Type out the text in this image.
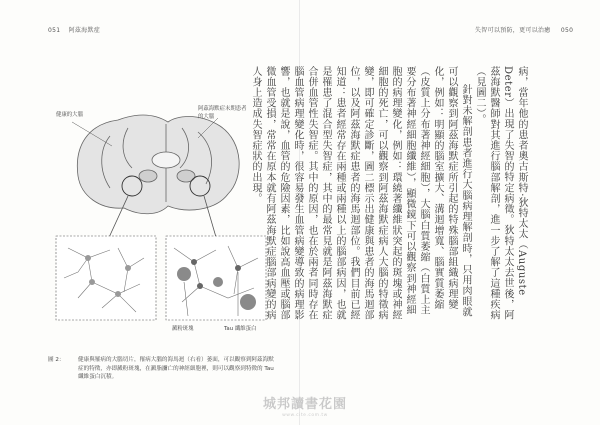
051 阿茲海默症
健康的大腦
阿茲海默症末期患者
的大腦
澱粉斑塊	Tau 纖維蛋白
圖 2：	健康與罹病的大腦切片，罹病大腦的海馬迴（右看）萎面，可以觀察到阿茲海默症的特徵，亦即澱粉斑塊，在澱脂瀰亡的神經細胞裡，則可以觀察到特徵的 Tau 纖維蛋白沉積。
失智可以預防，更可以治癒 050

病，當年他的患者奧古斯特·狄特太太（Auguste Deter）出現了失智的特定病徵。狄特太太去世後，阿茲海默醫師對其進行腦部解剖，進一步了解了這種疾病（見圖二）。

針對未解剖患者進行大腦病理解剖時，只用肉眼就可以觀察到阿茲海默症所引起的特殊腦部組織病理變化，例如：明顯的腦室擴大、溝迴增寬、腦實質萎縮（皮質上分布著神經細胞），大腦白質萎縮（白質上主要分布著神經細胞纖維），顯微鏡下可以觀察到神經細胞的病理變化，例如：環繞著纖維狀突起的斑塊或神經細胞的死亡，可以觀察到阿茲海默症病人大腦的特徵病變，即可確定診斷，圖二標示出健康與患者的海馬迴部位，以及阿茲海默症患者的海馬迴部位。我們目前已經知道：患者經常存在兩種或兩種以上的腦部病因，也就是罹患了混合型失智症，其中的最常見就是阿茲海默症合併血管性失智症。其中的原因，也在於兩者同時存在腦血管病理變化時，很容易發生血管病變導致的病理影響，也就是說，血管的危險因素，比如說高血壓或腦部微血管受損，常常在原本就有阿茲海默症腦部病變的病人身上造成失智症狀的出現。

城邦讀書花園
www.cite.com.tw
